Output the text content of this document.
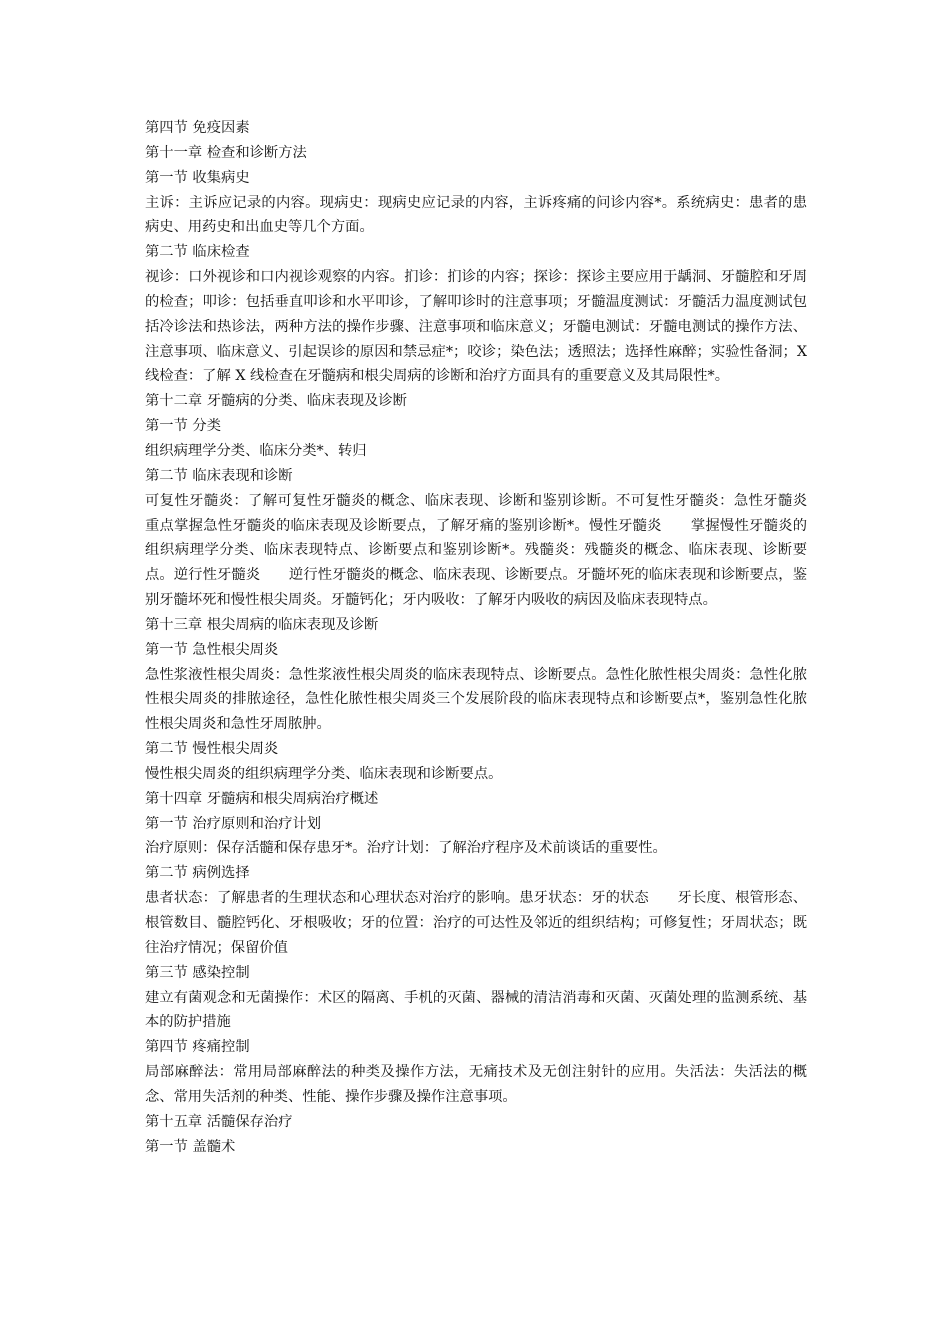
第四节 免疫因素

第十一章 检查和诊断方法

第一节 收集病史

主诉：主诉应记录的内容。现病史：现病史应记录的内容，主诉疼痛的问诊内容*。系统病史：患者的患病史、用药史和出血史等几个方面。

第二节 临床检查

视诊：口外视诊和口内视诊观察的内容。扪诊：扪诊的内容；探诊：探诊主要应用于龋洞、牙髓腔和牙周的检查；叩诊：包括垂直叩诊和水平叩诊，了解叩诊时的注意事项；牙髓温度测试：牙髓活力温度测试包括冷诊法和热诊法，两种方法的操作步骤、注意事项和临床意义；牙髓电测试：牙髓电测试的操作方法、注意事项、临床意义、引起误诊的原因和禁忌症*；咬诊；染色法；透照法；选择性麻醉；实验性备洞；X 线检查：了解 X 线检查在牙髓病和根尖周病的诊断和治疗方面具有的重要意义及其局限性*。

第十二章 牙髓病的分类、临床表现及诊断

第一节 分类

组织病理学分类、临床分类*、转归

第二节 临床表现和诊断

可复性牙髓炎：了解可复性牙髓炎的概念、临床表现、诊断和鉴别诊断。不可复性牙髓炎：急性牙髓炎　　重点掌握急性牙髓炎的临床表现及诊断要点，了解牙痛的鉴别诊断*。慢性牙髓炎　　掌握慢性牙髓炎的组织病理学分类、临床表现特点、诊断要点和鉴别诊断*。残髓炎：残髓炎的概念、临床表现、诊断要点。逆行性牙髓炎　　逆行性牙髓炎的概念、临床表现、诊断要点。牙髓坏死的临床表现和诊断要点，鉴别牙髓坏死和慢性根尖周炎。牙髓钙化；牙内吸收：了解牙内吸收的病因及临床表现特点。

第十三章 根尖周病的临床表现及诊断

第一节 急性根尖周炎

急性浆液性根尖周炎：急性浆液性根尖周炎的临床表现特点、诊断要点。急性化脓性根尖周炎：急性化脓性根尖周炎的排脓途径，急性化脓性根尖周炎三个发展阶段的临床表现特点和诊断要点*，鉴别急性化脓性根尖周炎和急性牙周脓肿。

第二节 慢性根尖周炎

慢性根尖周炎的组织病理学分类、临床表现和诊断要点。

第十四章 牙髓病和根尖周病治疗概述

第一节 治疗原则和治疗计划

治疗原则：保存活髓和保存患牙*。治疗计划：了解治疗程序及术前谈话的重要性。

第二节 病例选择

患者状态：了解患者的生理状态和心理状态对治疗的影响。患牙状态：牙的状态　　牙长度、根管形态、根管数目、髓腔钙化、牙根吸收；牙的位置：治疗的可达性及邻近的组织结构；可修复性；牙周状态；既往治疗情况；保留价值

第三节 感染控制

建立有菌观念和无菌操作：术区的隔离、手机的灭菌、器械的清洁消毒和灭菌、灭菌处理的监测系统、基本的防护措施

第四节 疼痛控制

局部麻醉法：常用局部麻醉法的种类及操作方法，无痛技术及无创注射针的应用。失活法：失活法的概念、常用失活剂的种类、性能、操作步骤及操作注意事项。

第十五章 活髓保存治疗

第一节 盖髓术
